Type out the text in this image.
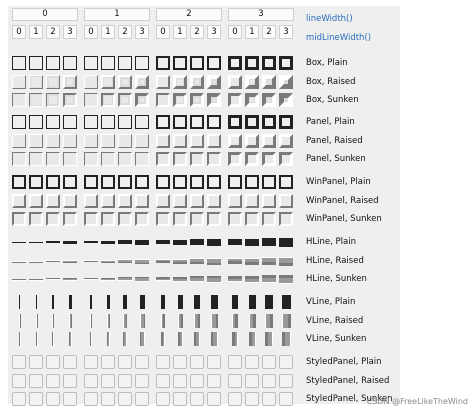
0	1	2	3
0	1	2	3	0	1	2	3	0	1	2	3	0	1	2	3
lineWidth()
midLineWidth()
Box, Plain
Box, Raised
Box, Sunken
Panel, Plain
Panel, Raised
Panel, Sunken
WinPanel, Plain
WinPanel, Raised
WinPanel, Sunken
HLine, Plain
HLine, Raised
HLine, Sunken
VLine, Plain
VLine, Raised
VLine, Sunken
StyledPanel, Plain
StyledPanel, Raised
StyledPanel, Sunken
CSDN @FreeLikeTheWind
